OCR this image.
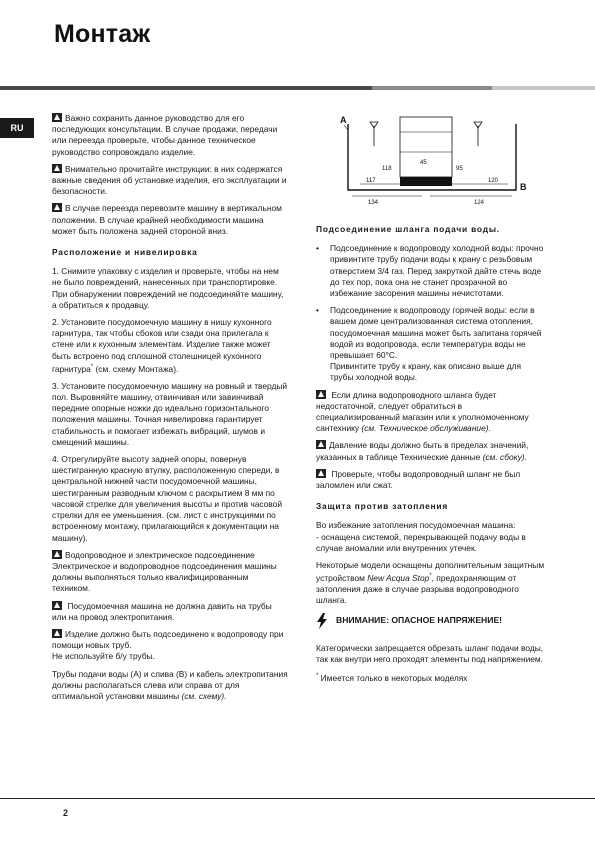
Монтаж
RU

Важно сохранить данное руководство для его последующих консультации. В случае продажи, передачи или переезда проверьте, чтобы данное техническое руководство сопровождало изделие.

Внимательно прочитайте инструкции: в них содержатся важные сведения об установке изделия, его эксплуатации и безопасности.

В случае переезда перевозите машину в вертикальном положении. В случае крайней необходимости машина может быть положена задней стороной вниз.

Расположение и нивелировка

1. Снимите упаковку с изделия и проверьте, чтобы на нем не было повреждений, нанесенных при транспортировке.
При обнаружении повреждений не подсоединяйте машину, а обратиться к продавцу.

2. Установите посудомоечную машину в нишу кухонного гарнитура, так чтобы сбоков или сзади она прилегала к стене или к кухонным элементам. Изделие также может быть встроено под сплошной столешницей кухонного гарнитура* (см. схему Монтажа).

3. Установите посудомоечную машину на ровный и твердый пол. Выровняйте машину, отвинчивая или завинчивай передние опорные ножки до идеально горизонтального положения машины. Точная нивелировка гарантирует стабильность и помогает избежать вибраций, шумов и смещений машины.

4. Отрегулируйте высоту задней опоры, повернув шестигранную красную втулку, расположенную спереди, в центральной нижней части посудомоечной машины, шестигранным разводным ключом с раскрытием 8 мм по часовой стрелке для увеличения высоты и против часовой стрелки для ее уменьшения. (см. лист с инструкциями по встроенному монтажу, прилагающийся к документации на машину).

Водопроводное и электрическое подсоединение Электрическое и водопроводное подсоединения машины должны выполняться только квалифицированным техником.

Посудомоечная машина не должна давить на трубы или на провод электропитания.

Изделие должно быть подсоединено к водопроводу при помощи новых труб.
Не используйте б/у трубы.

Трубы подачи воды (А) и слива (В) и кабель электропитания должны располагаться слева или справа от для оптимальной установки машины (см. схему).

A
B
118
45
95
117	120
134	124
Подсоединение шланга подачи воды.
• Подсоединение к водопроводу холодной воды: прочно привинтите трубу подачи воды к крану с резьбовым отверстием 3/4 газ. Перед закруткой дайте стечь воде до тех пор, пока она не станет прозрачной во избежание засорения машины нечистотами.
• Подсоединение к водопроводу горячей воды: если в вашем доме централизованная система отопления, посудомоечная машина может быть запитана горячей водой из водопровода, если температура воды не превышает 60°C.
Привинтите трубу к крану, как описано выше для трубы холодной воды.

Если длина водопроводного шланга будет недостаточной, следует обратиться в специализированный магазин или к уполномоченному сантехнику (см. Техническое обслуживание).

Давление воды должно быть в пределах значений, указанных в таблице Технические данные (см. сбоку).

Проверьте, чтобы водопроводный шланг не был заломлен или сжат.

Защита против затопления

Во избежание затопления посудомоечная машина:
- оснащена системой, перекрывающей подачу воды в случае аномалии или внутренних утечек.

Некоторые модели оснащены дополнительным защитным устройством New Acqua Stop*, предохраняющим от затопления даже в случае разрыва водопроводного шланга.

ВНИМАНИЕ: ОПАСНОЕ НАПРЯЖЕНИЕ!

Категорически запрещается обрезать шланг подачи воды, так как внутри него проходят элементы под напряжением.

* Имеется только в некоторых моделях

2
